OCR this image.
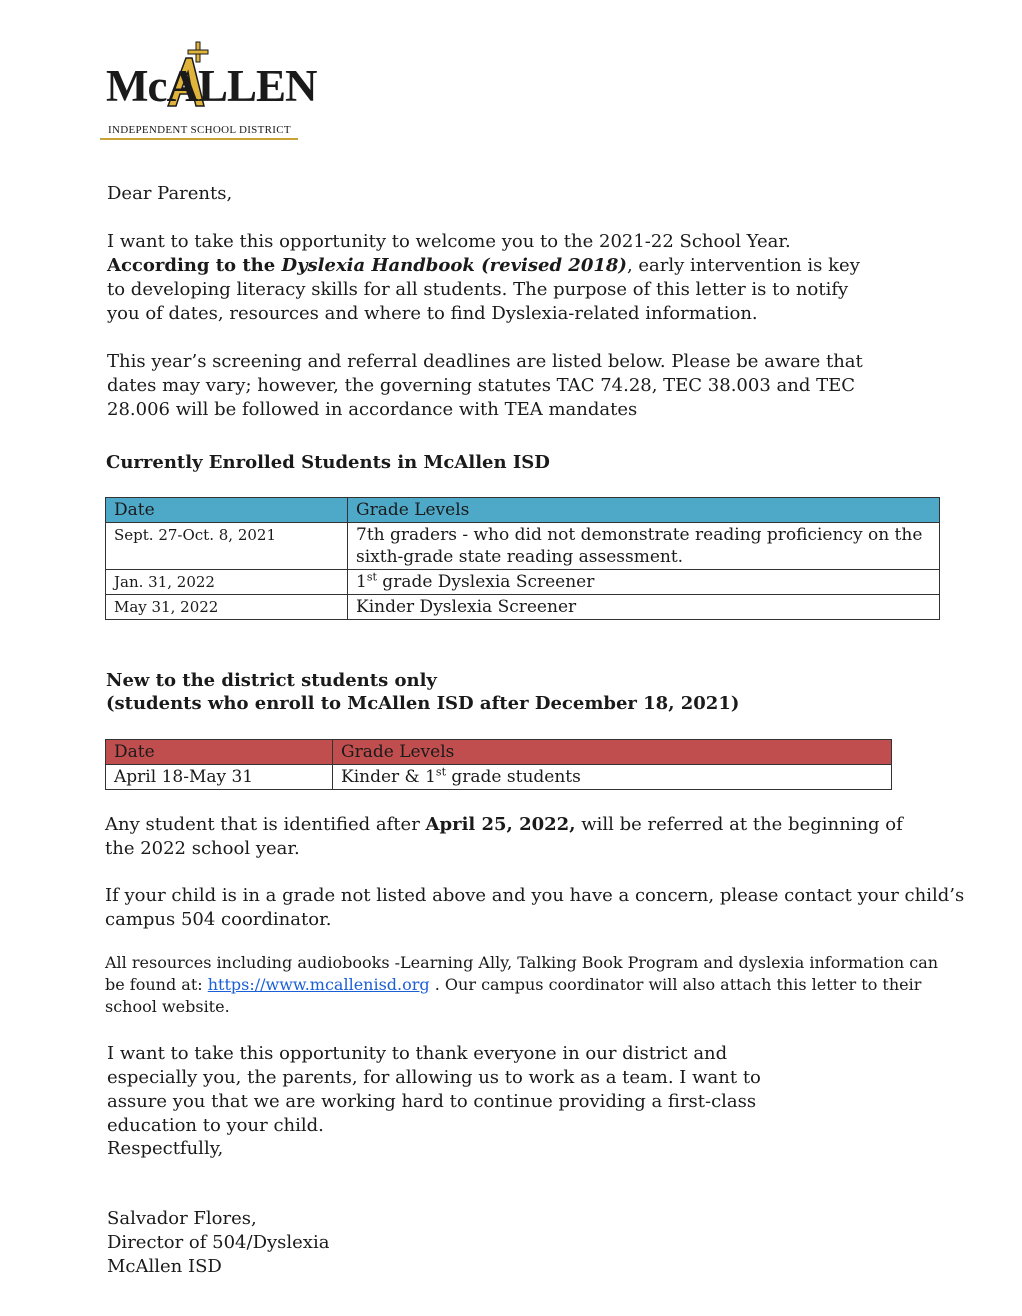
McALLEN
INDEPENDENT SCHOOL DISTRICT
Dear Parents,
I want to take this opportunity to welcome you to the 2021-22 School Year. According to the Dyslexia Handbook (revised 2018), early intervention is key to developing literacy skills for all students. The purpose of this letter is to notify you of dates, resources and where to find Dyslexia-related information.
This year’s screening and referral deadlines are listed below. Please be aware that dates may vary; however, the governing statutes TAC 74.28, TEC 38.003 and TEC 28.006 will be followed in accordance with TEA mandates
Currently Enrolled Students in McAllen ISD
Date	Grade Levels
Sept. 27-Oct. 8, 2021	7th graders - who did not demonstrate reading proficiency on the sixth-grade state reading assessment.
Jan. 31, 2022	1st grade Dyslexia Screener
May 31, 2022	Kinder Dyslexia Screener
New to the district students only
(students who enroll to McAllen ISD after December 18, 2021)
Date	Grade Levels
April 18-May 31	Kinder & 1st grade students
Any student that is identified after April 25, 2022, will be referred at the beginning of the 2022 school year.
If your child is in a grade not listed above and you have a concern, please contact your child’s campus 504 coordinator.
All resources including audiobooks -Learning Ally, Talking Book Program and dyslexia information can be found at: https://www.mcallenisd.org . Our campus coordinator will also attach this letter to their school website.
I want to take this opportunity to thank everyone in our district and especially you, the parents, for allowing us to work as a team. I want to assure you that we are working hard to continue providing a first-class education to your child.
Respectfully,
Salvador Flores,
Director of 504/Dyslexia
McAllen ISD
